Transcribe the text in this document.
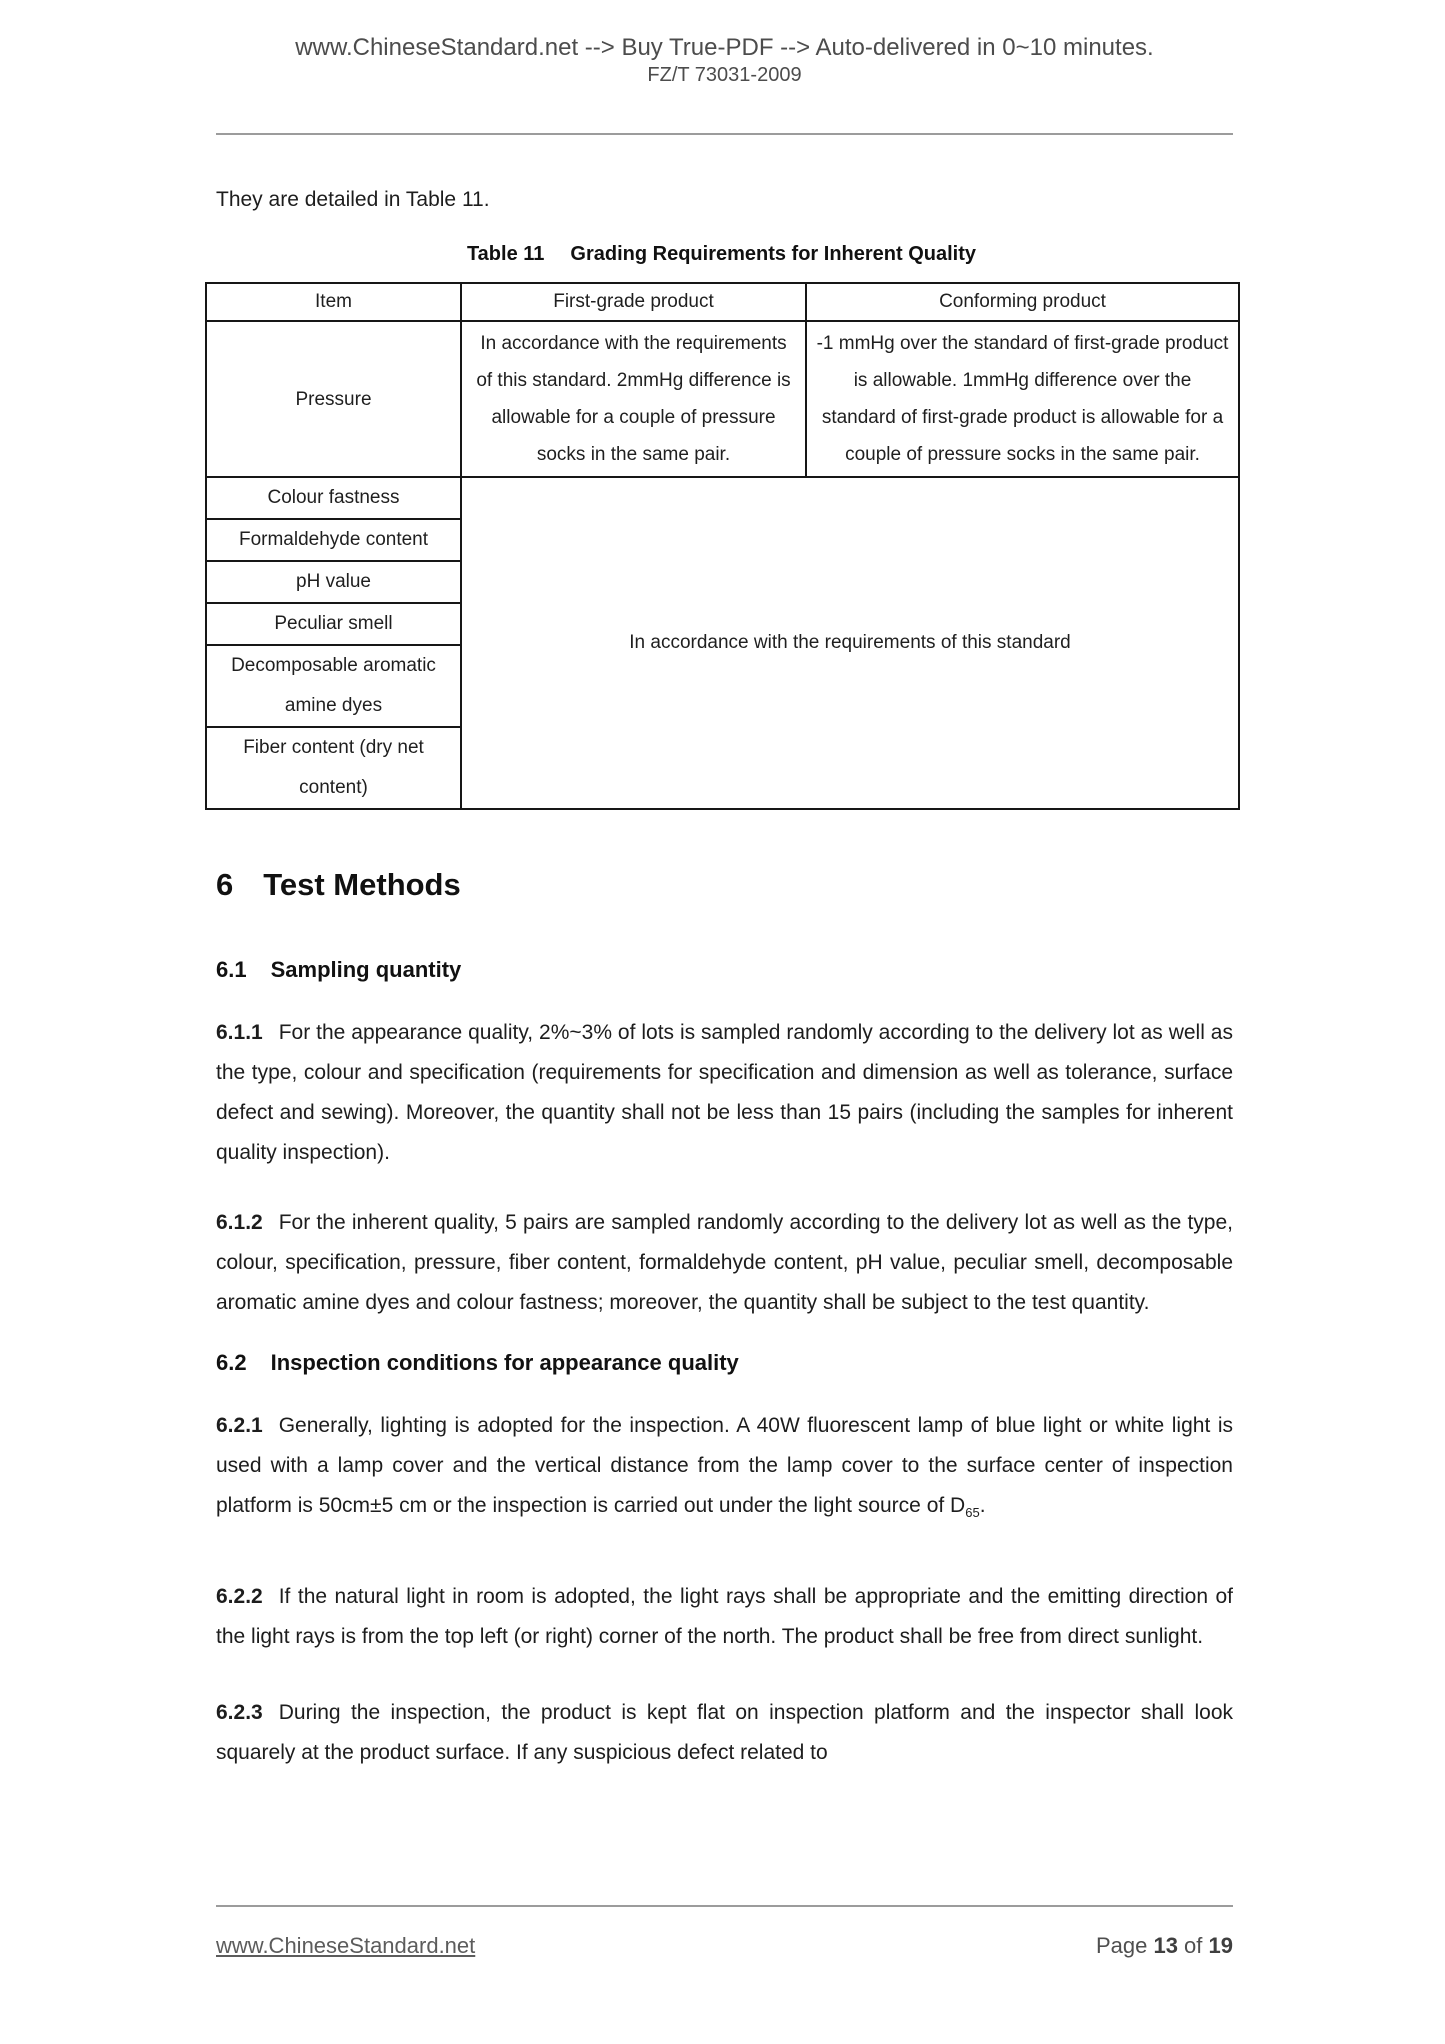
www.ChineseStandard.net --> Buy True-PDF --> Auto-delivered in 0~10 minutes.
FZ/T 73031-2009
They are detailed in Table 11.
Table 11 Grading Requirements for Inherent Quality
Item	First-grade product	Conforming product
Pressure	In accordance with the requirements of this standard. 2mmHg difference is allowable for a couple of pressure socks in the same pair.	-1 mmHg over the standard of first-grade product is allowable. 1mmHg difference over the standard of first-grade product is allowable for a couple of pressure socks in the same pair.
Colour fastness	In accordance with the requirements of this standard	
Formaldehyde content		
pH value		
Peculiar smell		
Decomposable aromatic amine dyes		
Fiber content (dry net content)		
6 Test Methods
6.1 Sampling quantity
6.1.1 For the appearance quality, 2%~3% of lots is sampled randomly according to the delivery lot as well as the type, colour and specification (requirements for specification and dimension as well as tolerance, surface defect and sewing). Moreover, the quantity shall not be less than 15 pairs (including the samples for inherent quality inspection).
6.1.2 For the inherent quality, 5 pairs are sampled randomly according to the delivery lot as well as the type, colour, specification, pressure, fiber content, formaldehyde content, pH value, peculiar smell, decomposable aromatic amine dyes and colour fastness; moreover, the quantity shall be subject to the test quantity.
6.2 Inspection conditions for appearance quality
6.2.1 Generally, lighting is adopted for the inspection. A 40W fluorescent lamp of blue light or white light is used with a lamp cover and the vertical distance from the lamp cover to the surface center of inspection platform is 50cm±5 cm or the inspection is carried out under the light source of $D_{65}$.
6.2.2 If the natural light in room is adopted, the light rays shall be appropriate and the emitting direction of the light rays is from the top left (or right) corner of the north. The product shall be free from direct sunlight.
6.2.3 During the inspection, the product is kept flat on inspection platform and the inspector shall look squarely at the product surface. If any suspicious defect related to
www.ChineseStandard.net	Page 13 of 19
